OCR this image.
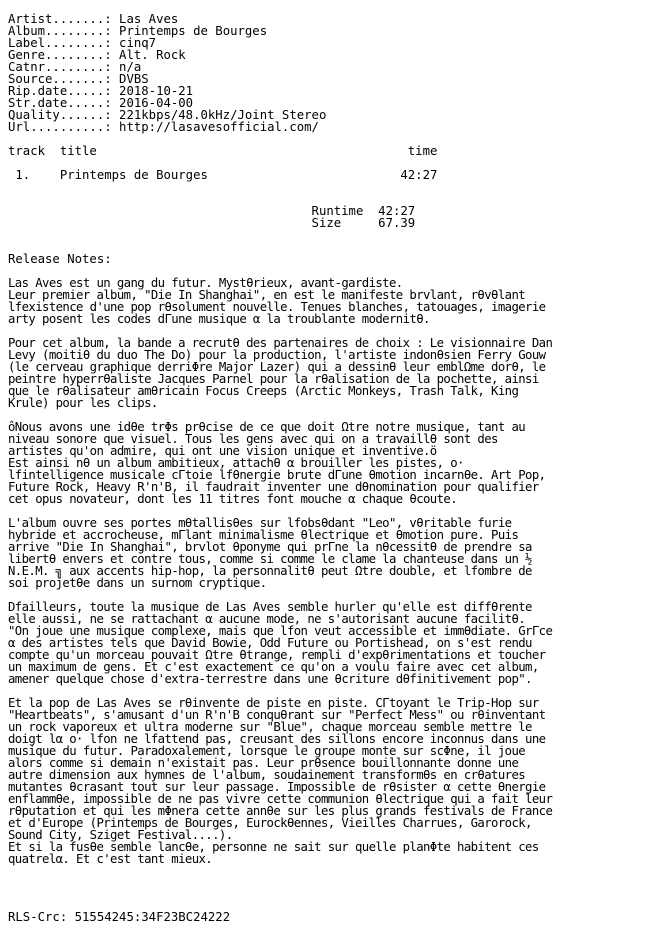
Artist.......: Las Aves
Album........: Printemps de Bourges
Label........: cinq7
Genre........: Alt. Rock
Catnr........: n/a
Source.......: DVBS
Rip.date.....: 2018-10-21
Str.date.....: 2016-04-00
Quality......: 221kbps/48.0kHz/Joint Stereo
Url..........: http://lasavesofficial.com/
track  title                                          time
1.    Printemps de Bourges                          42:27
Runtime  42:27
Size     67.39
Release Notes:
Las Aves est un gang du futur. Mystθrieux, avant-gardiste.
Leur premier album, "Die In Shanghai", en est le manifeste brvlant, rθvθlant
lfexistence d'une pop rθsolument nouvelle. Tenues blanches, tatouages, imagerie
arty posent les codes dΓune musique α la troublante modernitθ.
Pour cet album, la bande a recrutθ des partenaires de choix : Le visionnaire Dan
Levy (moitiθ du duo The Do) pour la production, l'artiste indonθsien Ferry Gouw
(le cerveau graphique derriΦre Major Lazer) qui a dessinθ leur emblΩme dorθ, le
peintre hyperrθaliste Jacques Parnel pour la rθalisation de la pochette, ainsi
que le rθalisateur amθricain Focus Creeps (Arctic Monkeys, Trash Talk, King
Krule) pour les clips.
ôNous avons une idθe trΦs prθcise de ce que doit Ωtre notre musique, tant au
niveau sonore que visuel. Tous les gens avec qui on a travaillθ sont des
artistes qu'on admire, qui ont une vision unique et inventive.ö
Est ainsi nθ un album ambitieux, attachθ α brouiller les pistes, o·
lfintelligence musicale cΓtoie lfθnergie brute dΓune θmotion incarnθe. Art Pop,
Future Rock, Heavy R'n'B, il faudrait inventer une dθnomination pour qualifier
cet opus novateur, dont les 11 titres font mouche α chaque θcoute.
L'album ouvre ses portes mθtallisθes sur lfobsθdant "Leo", vθritable furie
hybride et accrocheuse, mΓlant minimalisme θlectrique et θmotion pure. Puis
arrive "Die In Shanghai", brvlot θponyme qui prΓne la nθcessitθ de prendre sa
libertθ envers et contre tous, comme si comme le clame la chanteuse dans un ½
N.E.M. ╗ aux accents hip-hop, la personnalitθ peut Ωtre double, et lfombre de
soi projetθe dans un surnom cryptique.
Dfailleurs, toute la musique de Las Aves semble hurler qu'elle est diffθrente
elle aussi, ne se rattachant α aucune mode, ne s'autorisant aucune facilitθ.
"On joue une musique complexe, mais que lfon veut accessible et immθdiate. GrΓce
α des artistes tels que David Bowie, Odd Future ou Portishead, on s'est rendu
compte qu'un morceau pouvait Ωtre θtrange, rempli d'expθrimentations et toucher
un maximum de gens. Et c'est exactement ce qu'on a voulu faire avec cet album,
amener quelque chose d'extra-terrestre dans une θcriture dθfinitivement pop".
Et la pop de Las Aves se rθinvente de piste en piste. CΓtoyant le Trip-Hop sur
"Heartbeats", s'amusant d'un R'n'B conquθrant sur "Perfect Mess" ou rθinventant
un rock vaporeux et ultra moderne sur "Blue", chaque morceau semble mettre le
doigt lα o· lfon ne lfattend pas, creusant des sillons encore inconnus dans une
musique du futur. Paradoxalement, lorsque le groupe monte sur scΦne, il joue
alors comme si demain n'existait pas. Leur prθsence bouillonnante donne une
autre dimension aux hymnes de l'album, soudainement transformθs en crθatures
mutantes θcrasant tout sur leur passage. Impossible de rθsister α cette θnergie
enflammθe, impossible de ne pas vivre cette communion θlectrique qui a fait leur
rθputation et qui les mΦnera cette annθe sur les plus grands festivals de France
et d'Europe (Printemps de Bourges, Eurockθennes, Vieilles Charrues, Garorock,
Sound City, Sziget Festival....).
Et si la fusθe semble lancθe, personne ne sait sur quelle planΦte habitent ces
quatrelα. Et c'est tant mieux.
RLS-Crc: 51554245:34F23BC24222
